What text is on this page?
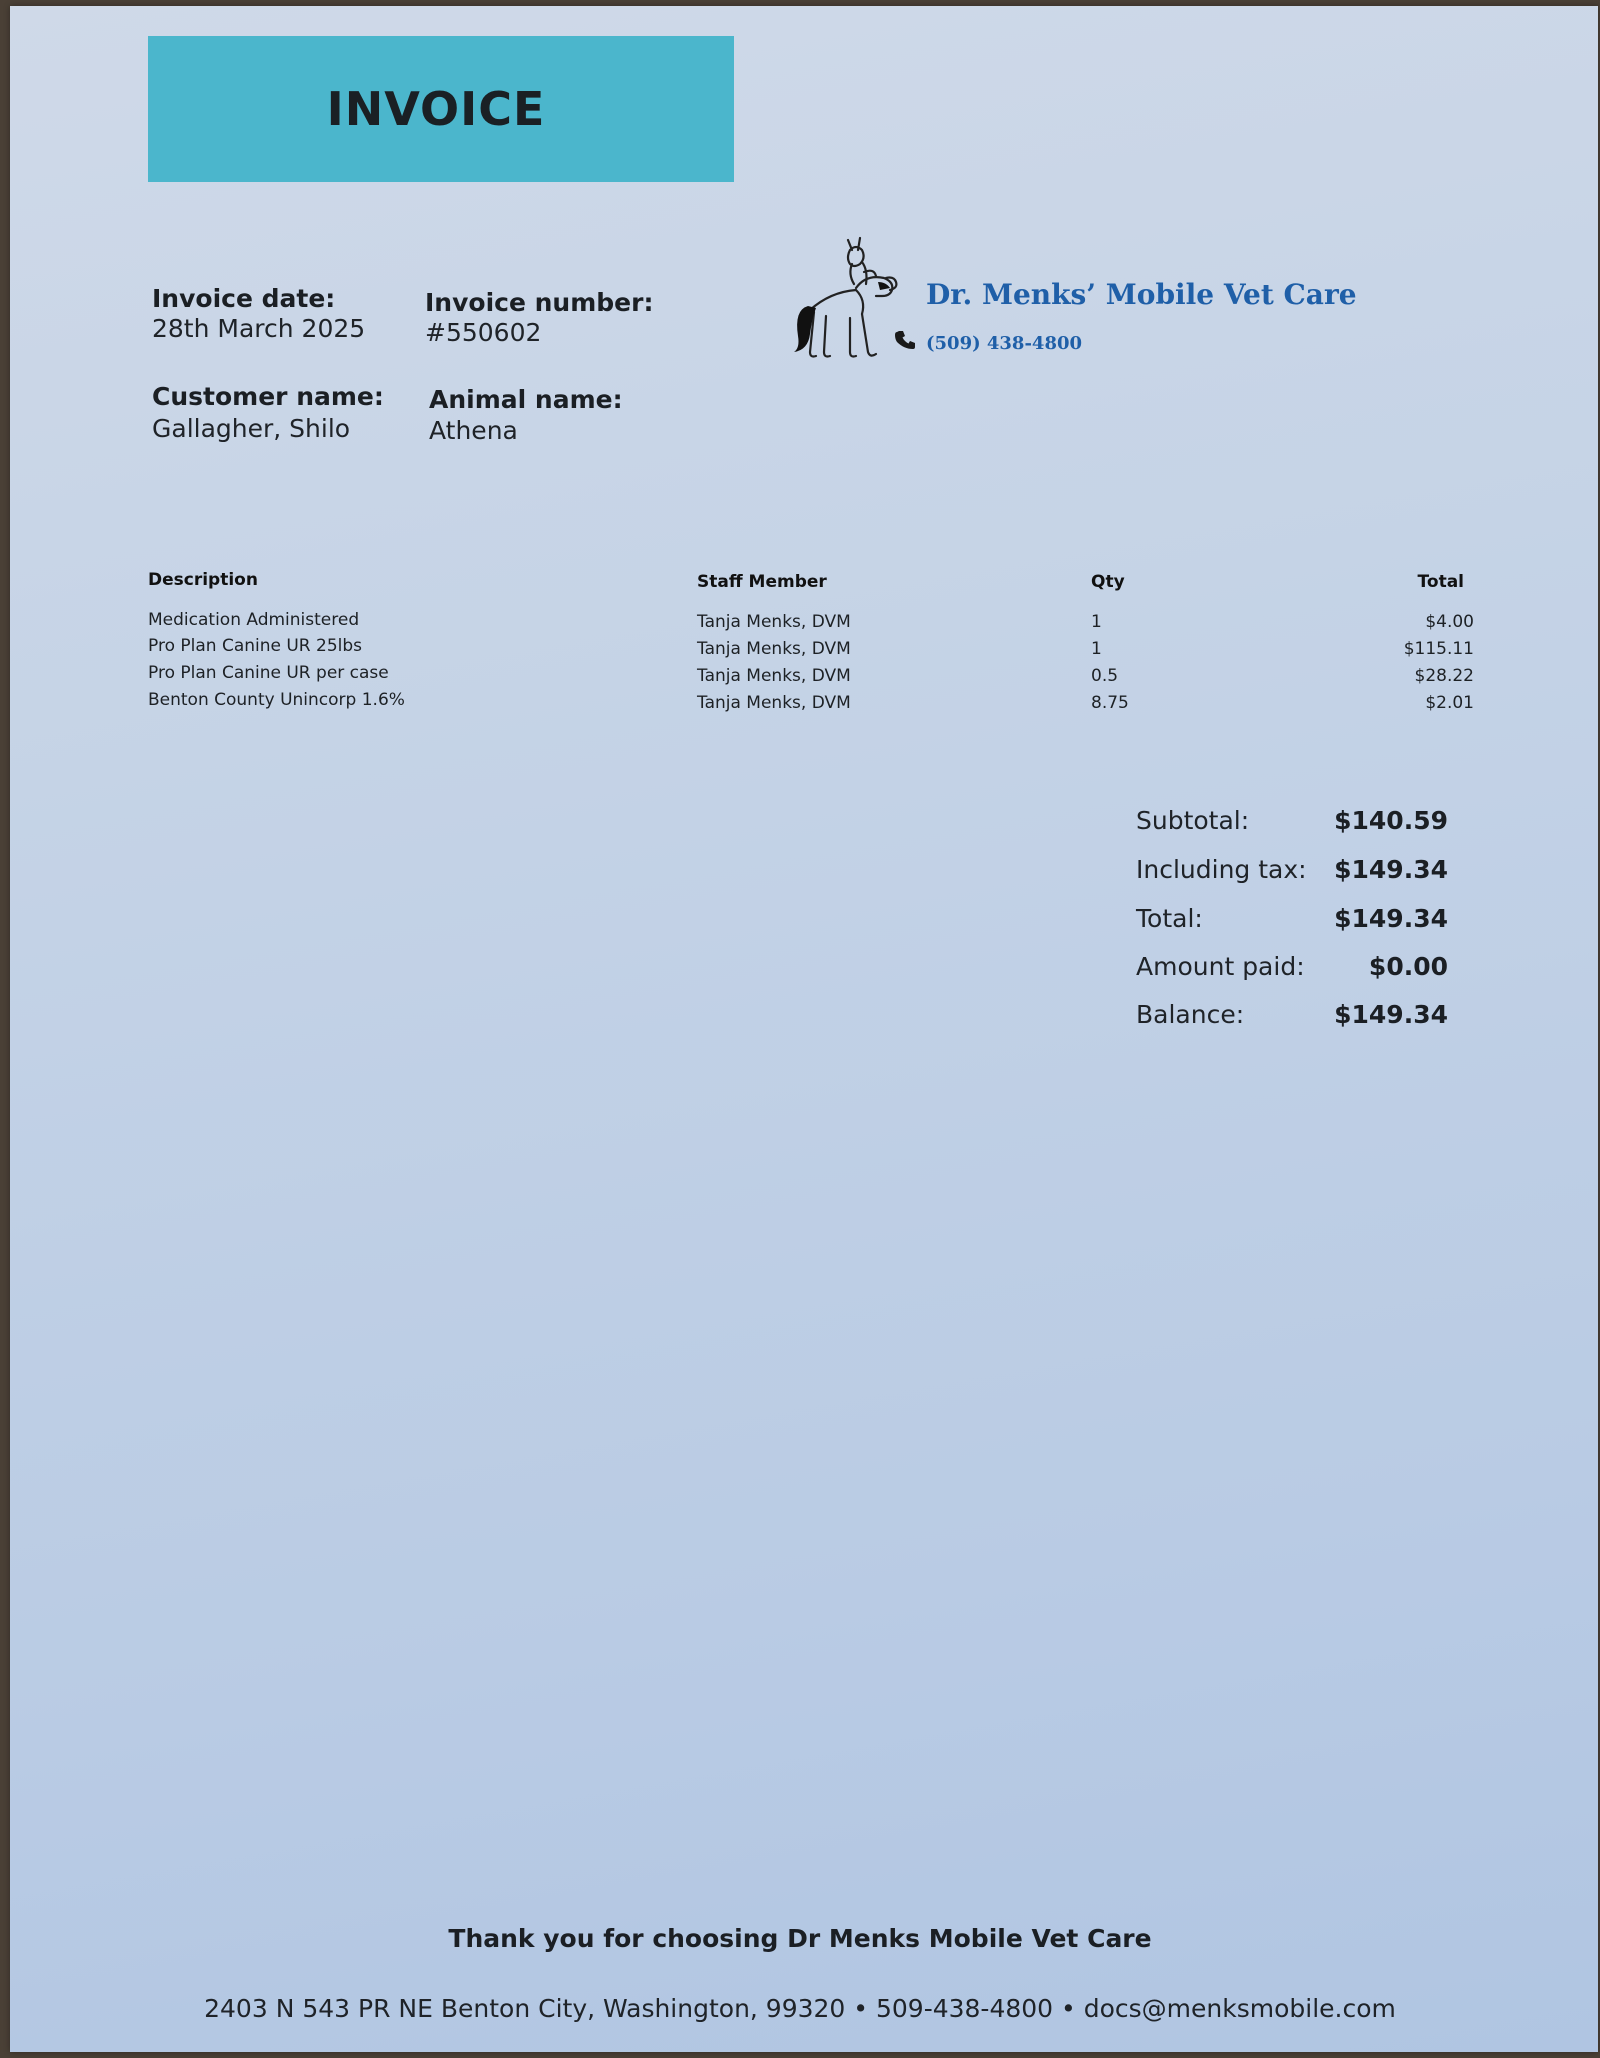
INVOICE
Invoice date:
28th March 2025
Invoice number:
#550602
Customer name:
Gallagher, Shilo
Animal name:
Athena
Dr. Menks’ Mobile Vet Care
(509) 438-4800
Description	Staff Member	Qty	Total
Medication Administered	Tanja Menks, DVM	1	$4.00
Pro Plan Canine UR 25lbs	Tanja Menks, DVM	1	$115.11
Pro Plan Canine UR per case	Tanja Menks, DVM	0.5	$28.22
Benton County Unincorp 1.6%	Tanja Menks, DVM	8.75	$2.01
Subtotal:	$140.59
Including tax: $149.34
Total:	$149.34
Amount paid:	$0.00
Balance:	$149.34
Thank you for choosing Dr Menks Mobile Vet Care
2403 N 543 PR NE Benton City, Washington, 99320 • 509-438-4800 • docs@menksmobile.com
